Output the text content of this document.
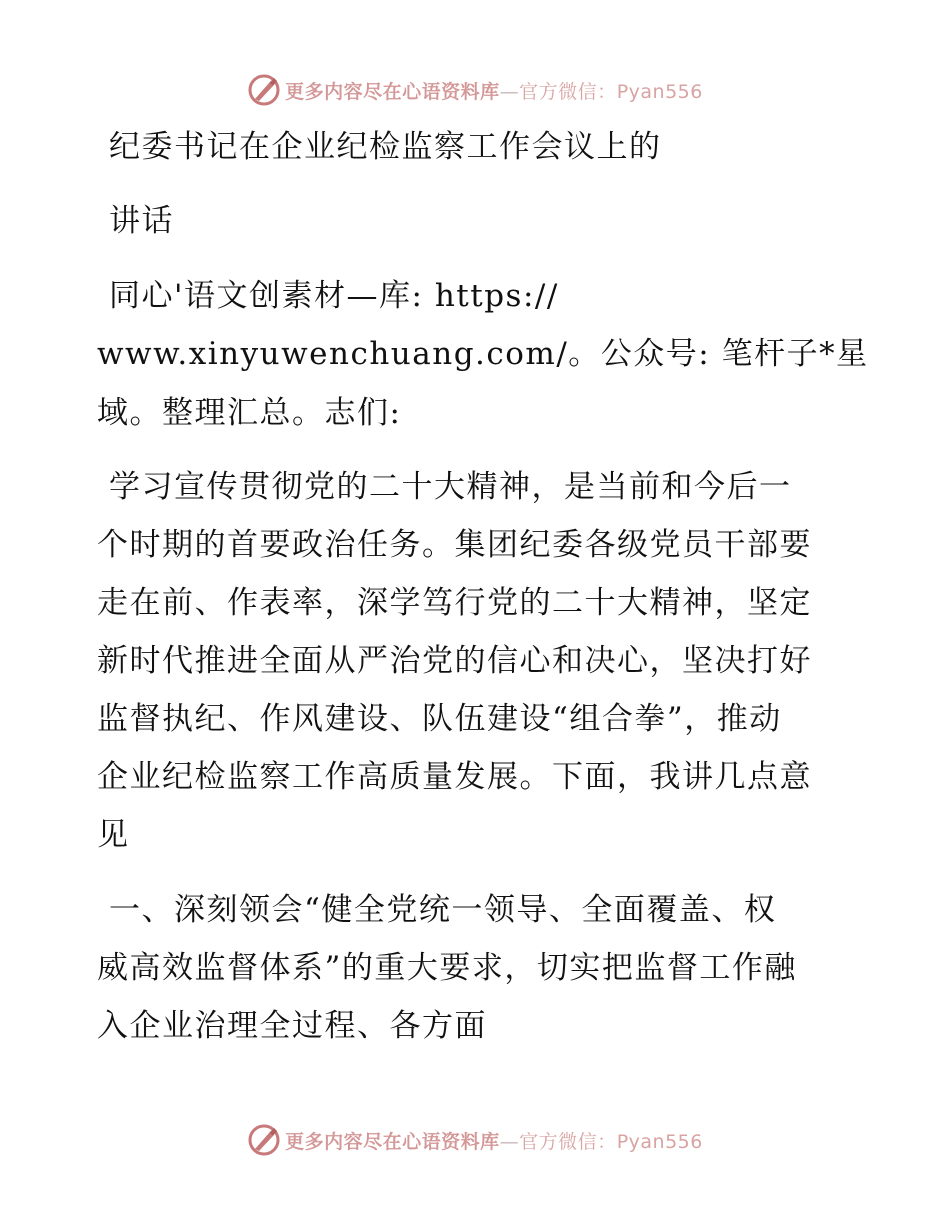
更多内容尽在心语资料库—官方微信：Pyan556
纪委书记在企业纪检监察工作会议上的
讲话
同心'语文创素材—库: https://
www.xinyuwenchuang.com/。公众号: 笔杆子*星
域。整理汇总。志们:
学习宣传贯彻党的二十大精神，是当前和今后一
个时期的首要政治任务。集团纪委各级党员干部要
走在前、作表率，深学笃行党的二十大精神，坚定
新时代推进全面从严治党的信心和决心，坚决打好
监督执纪、作风建设、队伍建设“组合拳”，推动
企业纪检监察工作高质量发展。下面，我讲几点意
见
一、深刻领会“健全党统一领导、全面覆盖、权
威高效监督体系”的重大要求，切实把监督工作融
入企业治理全过程、各方面
更多内容尽在心语资料库—官方微信：Pyan556
